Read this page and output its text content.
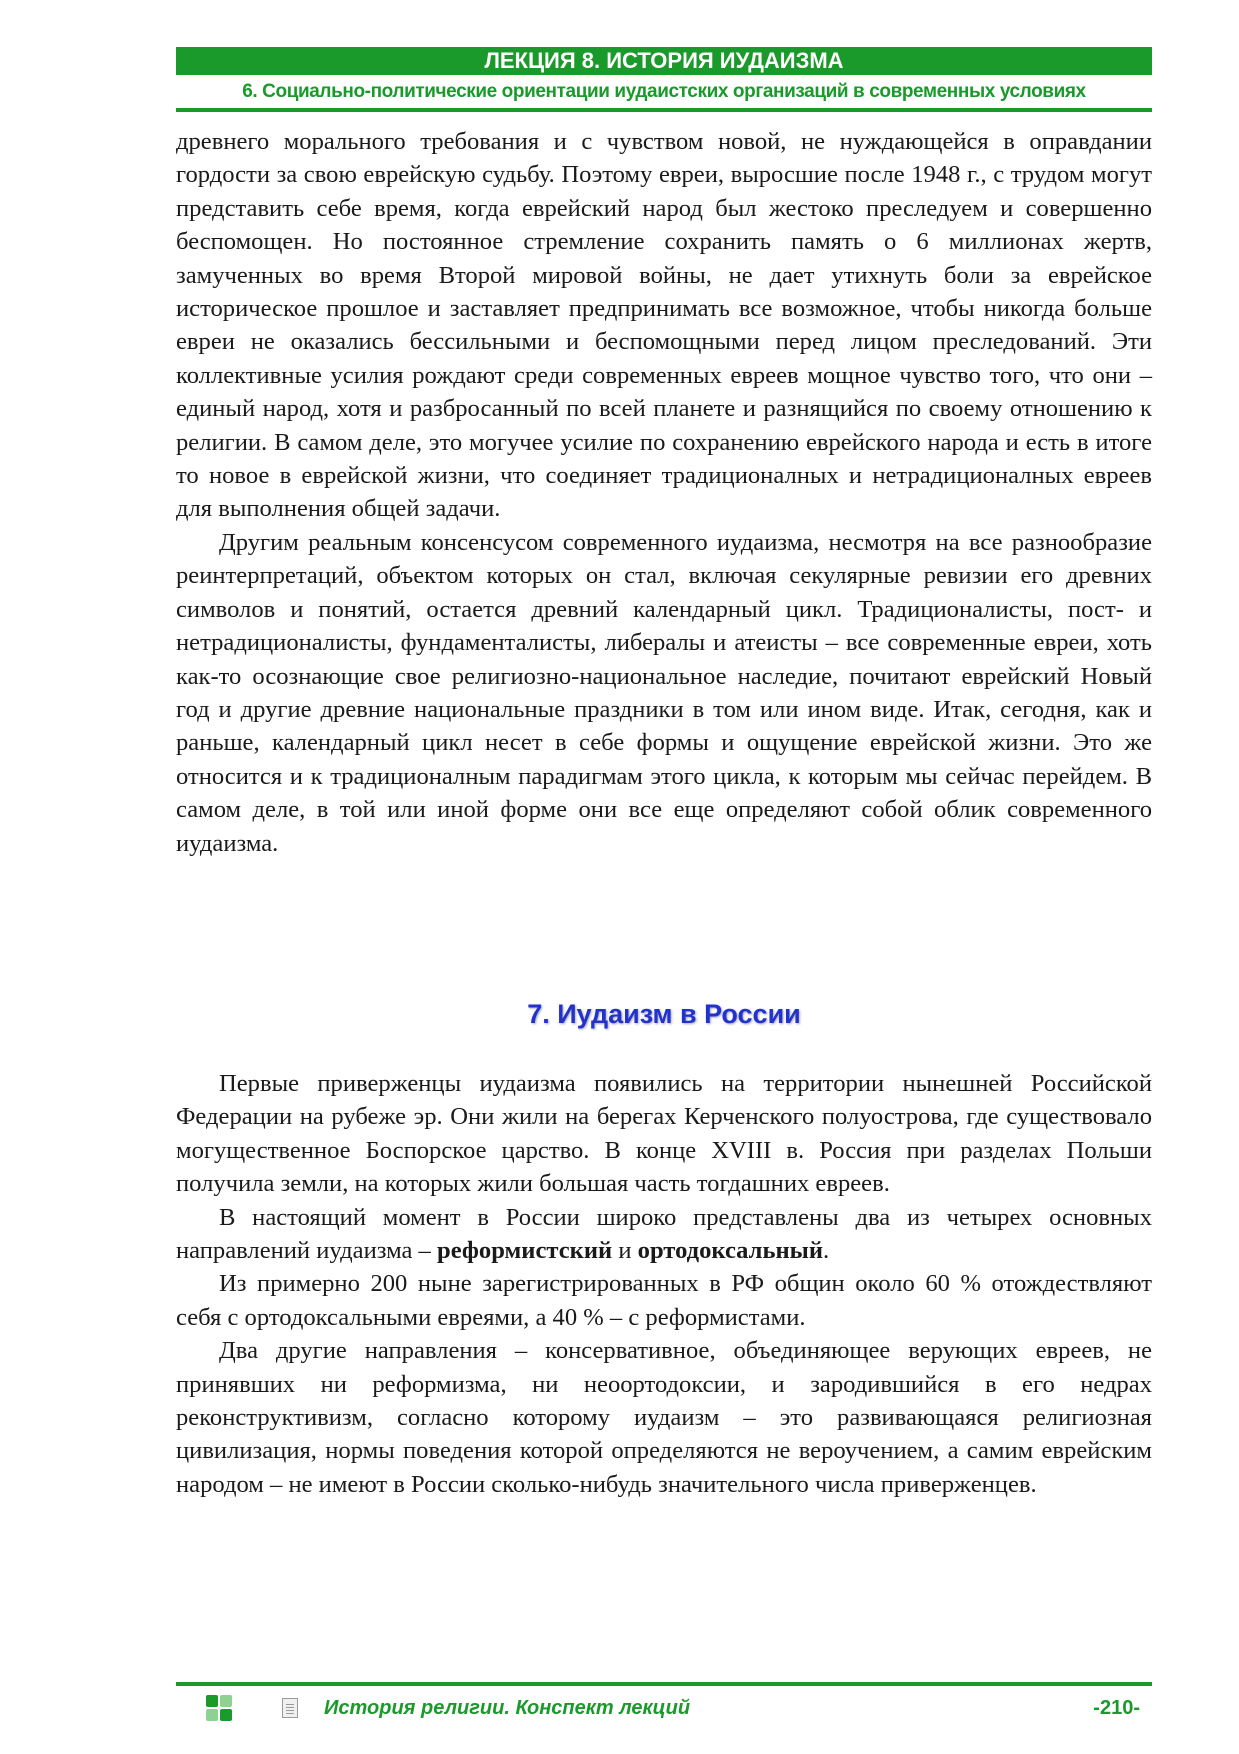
ЛЕКЦИЯ 8. ИСТОРИЯ ИУДАИЗМА
6. Социально-политические ориентации иудаистских организаций в современных условиях

древнего морального требования и с чувством новой, не нуждающейся в оправдании гордости за свою еврейскую судьбу. Поэтому евреи, выросшие после 1948 г., с трудом могут представить себе время, когда еврейский народ был жестоко преследуем и совершенно беспомощен. Но постоянное стремление сохранить память о 6 миллионах жертв, замученных во время Второй мировой войны, не дает утихнуть боли за еврейское историческое прошлое и заставляет предпринимать все возможное, чтобы никогда больше евреи не оказались бессильными и беспомощными перед лицом преследований. Эти коллективные усилия рождают среди современных евреев мощное чувство того, что они – единый народ, хотя и разбросанный по всей планете и разнящийся по своему отношению к религии. В самом деле, это могучее усилие по сохранению еврейского народа и есть в итоге то новое в еврейской жизни, что соединяет традиционалных и нетрадиционалных евреев для выполнения общей задачи.

Другим реальным консенсусом современного иудаизма, несмотря на все разнообразие реинтерпретаций, объектом которых он стал, включая секулярные ревизии его древних символов и понятий, остается древний календарный цикл. Традиционалисты, пост- и нетрадиционалисты, фундаменталисты, либералы и атеисты – все современные евреи, хоть как-то осознающие свое религиозно-национальное наследие, почитают еврейский Новый год и другие древние национальные праздники в том или ином виде. Итак, сегодня, как и раньше, календарный цикл несет в себе формы и ощущение еврейской жизни. Это же относится и к традиционалным парадигмам этого цикла, к которым мы сейчас перейдем. В самом деле, в той или иной форме они все еще определяют собой облик современного иудаизма.

7. Иудаизм в России

Первые приверженцы иудаизма появились на территории нынешней Российской Федерации на рубеже эр. Они жили на берегах Керченского полуострова, где существовало могущественное Боспорское царство. В конце XVIII в. Россия при разделах Польши получила земли, на которых жили большая часть тогдашних евреев.

В настоящий момент в России широко представлены два из четырех основных направлений иудаизма – реформистский и ортодоксальный.

Из примерно 200 ныне зарегистрированных в РФ общин около 60 % отождествляют себя с ортодоксальными евреями, а 40 % – с реформистами.

Два другие направления – консервативное, объединяющее верующих евреев, не принявших ни реформизма, ни неоортодоксии, и зародившийся в его недрах реконструктивизм, согласно которому иудаизм – это развивающаяся религиозная цивилизация, нормы поведения которой определяются не вероучением, а самим еврейским народом – не имеют в России сколько-нибудь значительного числа приверженцев.

История религии. Конспект лекций	-210-
